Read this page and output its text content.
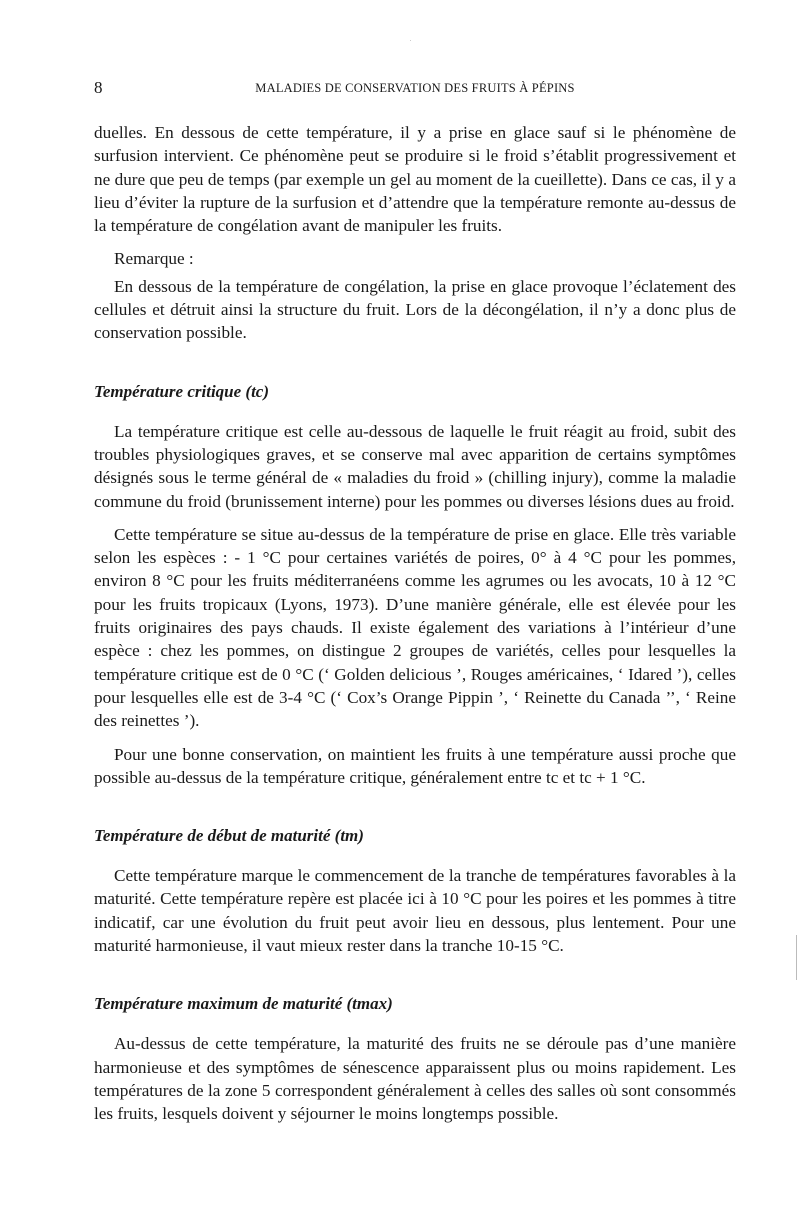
8	MALADIES DE CONSERVATION DES FRUITS À PÉPINS

duelles. En dessous de cette température, il y a prise en glace sauf si le phénomène de surfusion intervient. Ce phénomène peut se produire si le froid s’établit progressivement et ne dure que peu de temps (par exemple un gel au moment de la cueillette). Dans ce cas, il y a lieu d’éviter la rupture de la surfusion et d’attendre que la température remonte au-dessus de la température de congélation avant de manipuler les fruits.

Remarque :

En dessous de la température de congélation, la prise en glace provoque l’éclatement des cellules et détruit ainsi la structure du fruit. Lors de la décongélation, il n’y a donc plus de conservation possible.

Température critique (tc)

La température critique est celle au-dessous de laquelle le fruit réagit au froid, subit des troubles physiologiques graves, et se conserve mal avec apparition de certains symptômes désignés sous le terme général de « maladies du froid » (chilling injury), comme la maladie commune du froid (brunissement interne) pour les pommes ou diverses lésions dues au froid.

Cette température se situe au-dessus de la température de prise en glace. Elle très variable selon les espèces : - 1 °C pour certaines variétés de poires, 0° à 4 °C pour les pommes, environ 8 °C pour les fruits méditerranéens comme les agrumes ou les avocats, 10 à 12 °C pour les fruits tropicaux (Lyons, 1973). D’une manière générale, elle est élevée pour les fruits originaires des pays chauds. Il existe également des variations à l’intérieur d’une espèce : chez les pommes, on distingue 2 groupes de variétés, celles pour lesquelles la température critique est de 0 °C (‘ Golden delicious ’, Rouges américaines, ‘ Idared ’), celles pour lesquelles elle est de 3-4 °C (‘ Cox’s Orange Pippin ’, ‘ Reinette du Canada ’’, ‘ Reine des reinettes ’).

Pour une bonne conservation, on maintient les fruits à une température aussi proche que possible au-dessus de la température critique, généralement entre tc et tc + 1 °C.

Température de début de maturité (tm)

Cette température marque le commencement de la tranche de températures favorables à la maturité. Cette température repère est placée ici à 10 °C pour les poires et les pommes à titre indicatif, car une évolution du fruit peut avoir lieu en dessous, plus lentement. Pour une maturité harmonieuse, il vaut mieux rester dans la tranche 10-15 °C.

Température maximum de maturité (tmax)

Au-dessus de cette température, la maturité des fruits ne se déroule pas d’une manière harmonieuse et des symptômes de sénescence apparaissent plus ou moins rapidement. Les températures de la zone 5 correspondent généralement à celles des salles où sont consommés les fruits, lesquels doivent y séjourner le moins longtemps possible.
